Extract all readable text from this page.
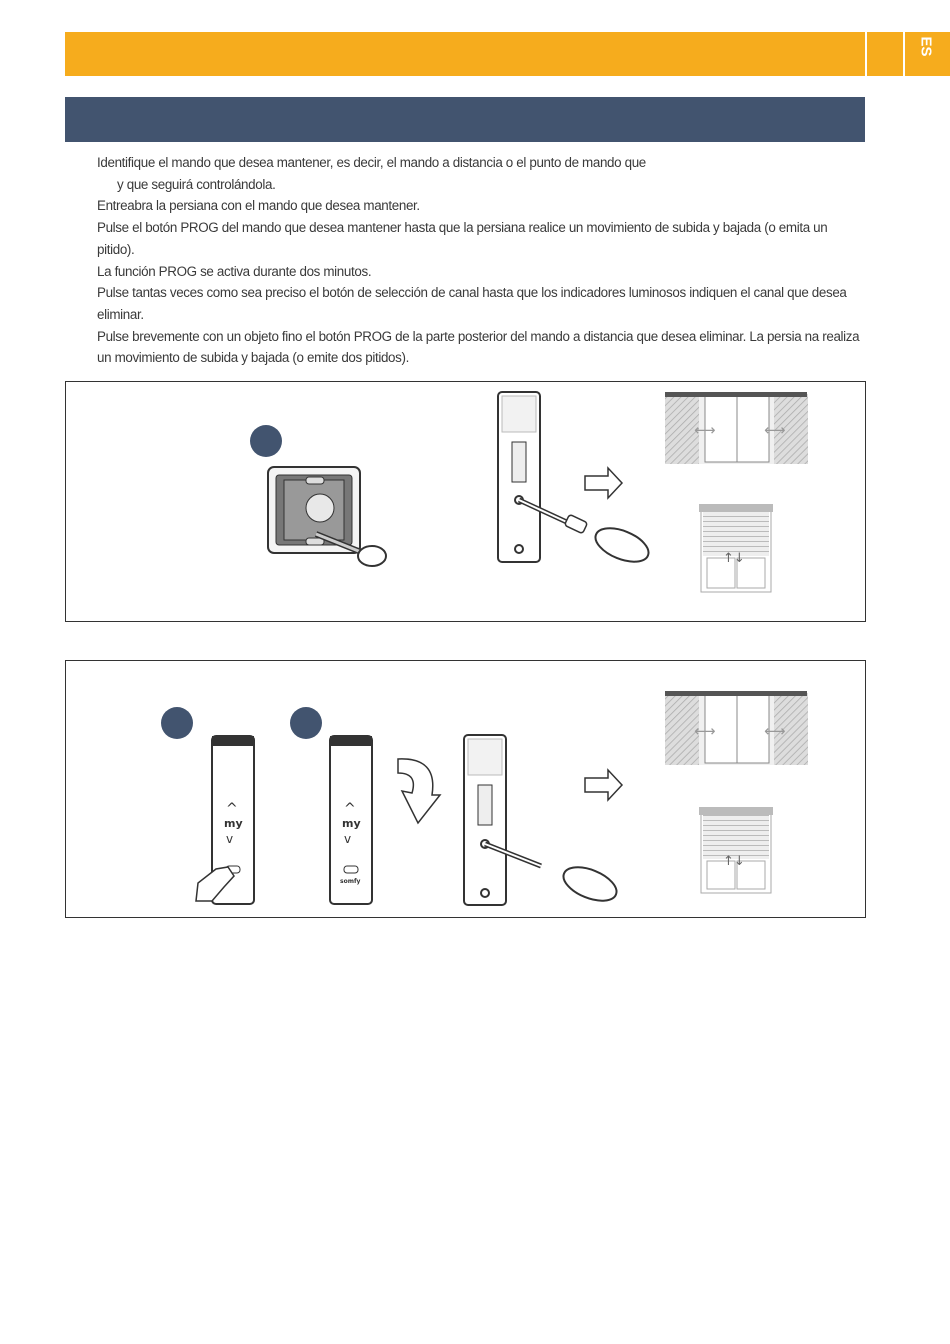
ES

Identifique el mando que desea mantener, es decir, el mando a distancia o el punto de mando que

y que seguirá controlándola.

Entreabra la persiana con el mando que desea mantener.

Pulse el botón PROG del mando que desea mantener hasta que la persiana realice un movimiento de subida y bajada (o emita un pitido).

La función PROG se activa durante dos minutos.

Pulse tantas veces como sea preciso el botón de selección de canal hasta que los indicadores luminosos indiquen el canal que desea eliminar.

Pulse brevemente con un objeto fino el botón PROG de la parte posterior del mando a distancia que desea eliminar. La persia na realiza un movimiento de subida y bajada (o emite dos pitidos).

⟷	⟷
↑↓
^
my
v
^
my
v
somfy
⟷	⟷
↑↓
